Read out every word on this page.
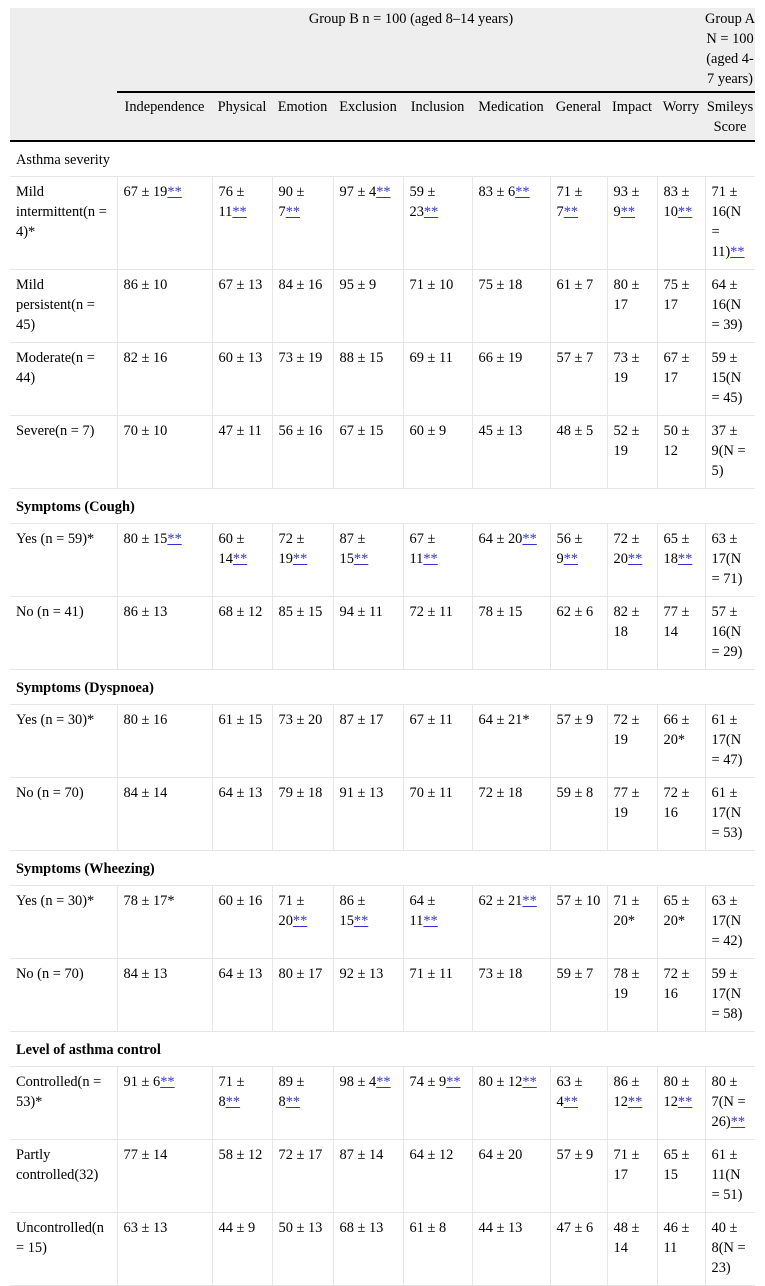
	Group B n = 100 (aged 8–14 years)									Group A N = 100 (aged 4-7 years)
	Independence	Physical	Emotion	Exclusion	Inclusion	Medication	General	Impact	Worry	Smileys Score
Asthma severity										
Mild intermittent(n = 4)*	67 ± 19**	76 ± 11**	90 ± 7**	97 ± 4**	59 ± 23**	83 ± 6**	71 ± 7**	93 ± 9**	83 ± 10**	71 ± 16(N = 11)**
Mild persistent(n = 45)	86 ± 10	67 ± 13	84 ± 16	95 ± 9	71 ± 10	75 ± 18	61 ± 7	80 ± 17	75 ± 17	64 ± 16(N = 39)
Moderate(n = 44)	82 ± 16	60 ± 13	73 ± 19	88 ± 15	69 ± 11	66 ± 19	57 ± 7	73 ± 19	67 ± 17	59 ± 15(N = 45)
Severe(n = 7)	70 ± 10	47 ± 11	56 ± 16	67 ± 15	60 ± 9	45 ± 13	48 ± 5	52 ± 19	50 ± 12	37 ± 9(N = 5)
Symptoms (Cough)										
Yes (n = 59)*	80 ± 15**	60 ± 14**	72 ± 19**	87 ± 15**	67 ± 11**	64 ± 20**	56 ± 9**	72 ± 20**	65 ± 18**	63 ± 17(N = 71)
No (n = 41)	86 ± 13	68 ± 12	85 ± 15	94 ± 11	72 ± 11	78 ± 15	62 ± 6	82 ± 18	77 ± 14	57 ± 16(N = 29)
Symptoms (Dyspnoea)										
Yes (n = 30)*	80 ± 16	61 ± 15	73 ± 20	87 ± 17	67 ± 11	64 ± 21*	57 ± 9	72 ± 19	66 ± 20*	61 ± 17(N = 47)
No (n = 70)	84 ± 14	64 ± 13	79 ± 18	91 ± 13	70 ± 11	72 ± 18	59 ± 8	77 ± 19	72 ± 16	61 ± 17(N = 53)
Symptoms (Wheezing)										
Yes (n = 30)*	78 ± 17*	60 ± 16	71 ± 20**	86 ± 15**	64 ± 11**	62 ± 21**	57 ± 10	71 ± 20*	65 ± 20*	63 ± 17(N = 42)
No (n = 70)	84 ± 13	64 ± 13	80 ± 17	92 ± 13	71 ± 11	73 ± 18	59 ± 7	78 ± 19	72 ± 16	59 ± 17(N = 58)
Level of asthma control										
Controlled(n = 53)*	91 ± 6**	71 ± 8**	89 ± 8**	98 ± 4**	74 ± 9**	80 ± 12**	63 ± 4**	86 ± 12**	80 ± 12**	80 ± 7(N = 26)**
Partly controlled(32)	77 ± 14	58 ± 12	72 ± 17	87 ± 14	64 ± 12	64 ± 20	57 ± 9	71 ± 17	65 ± 15	61 ± 11(N = 51)
Uncontrolled(n = 15)	63 ± 13	44 ± 9	50 ± 13	68 ± 13	61 ± 8	44 ± 13	47 ± 6	48 ± 14	46 ± 11	40 ± 8(N = 23)
